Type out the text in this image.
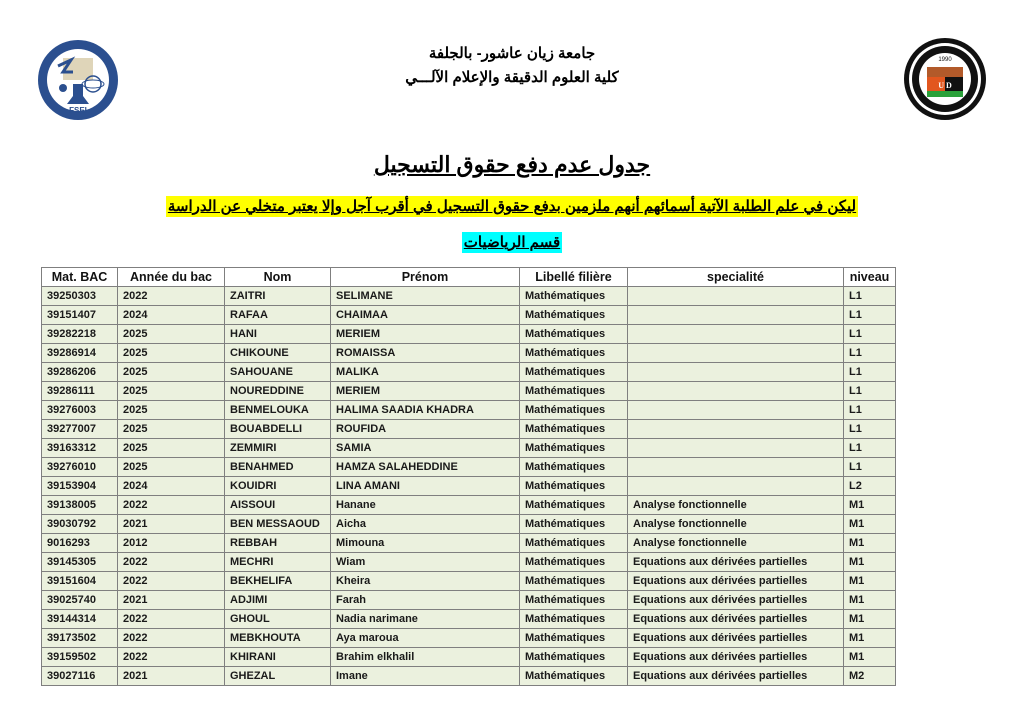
FSEI
1990
U D
جامعة زيان عاشور- بالجلفة
كلية العلوم الدقيقة والإعلام الآلـــي
جدول عدم دفع حقوق التسجيل
ليكن في علم الطلبة الآتية أسمائهم أنهم ملزمين بدفع حقوق التسجيل في أقرب آجل وإلا يعتبر متخلي عن الدراسة
قسم الرياضيات
Mat. BAC	Année du bac	Nom	Prénom	Libellé filière	specialité	niveau
39250303	2022	ZAITRI	SELIMANE	Mathématiques		L1
39151407	2024	RAFAA	CHAIMAA	Mathématiques		L1
39282218	2025	HANI	MERIEM	Mathématiques		L1
39286914	2025	CHIKOUNE	ROMAISSA	Mathématiques		L1
39286206	2025	SAHOUANE	MALIKA	Mathématiques		L1
39286111	2025	NOUREDDINE	MERIEM	Mathématiques		L1
39276003	2025	BENMELOUKA	HALIMA SAADIA KHADRA	Mathématiques		L1
39277007	2025	BOUABDELLI	ROUFIDA	Mathématiques		L1
39163312	2025	ZEMMIRI	SAMIA	Mathématiques		L1
39276010	2025	BENAHMED	HAMZA SALAHEDDINE	Mathématiques		L1
39153904	2024	KOUIDRI	LINA AMANI	Mathématiques		L2
39138005	2022	AISSOUI	Hanane	Mathématiques	Analyse fonctionnelle	M1
39030792	2021	BEN MESSAOUD	Aicha	Mathématiques	Analyse fonctionnelle	M1
9016293	2012	REBBAH	Mimouna	Mathématiques	Analyse fonctionnelle	M1
39145305	2022	MECHRI	Wiam	Mathématiques	Equations aux dérivées partielles	M1
39151604	2022	BEKHELIFA	Kheira	Mathématiques	Equations aux dérivées partielles	M1
39025740	2021	ADJIMI	Farah	Mathématiques	Equations aux dérivées partielles	M1
39144314	2022	GHOUL	Nadia narimane	Mathématiques	Equations aux dérivées partielles	M1
39173502	2022	MEBKHOUTA	Aya maroua	Mathématiques	Equations aux dérivées partielles	M1
39159502	2022	KHIRANI	Brahim elkhalil	Mathématiques	Equations aux dérivées partielles	M1
39027116	2021	GHEZAL	Imane	Mathématiques	Equations aux dérivées partielles	M2
